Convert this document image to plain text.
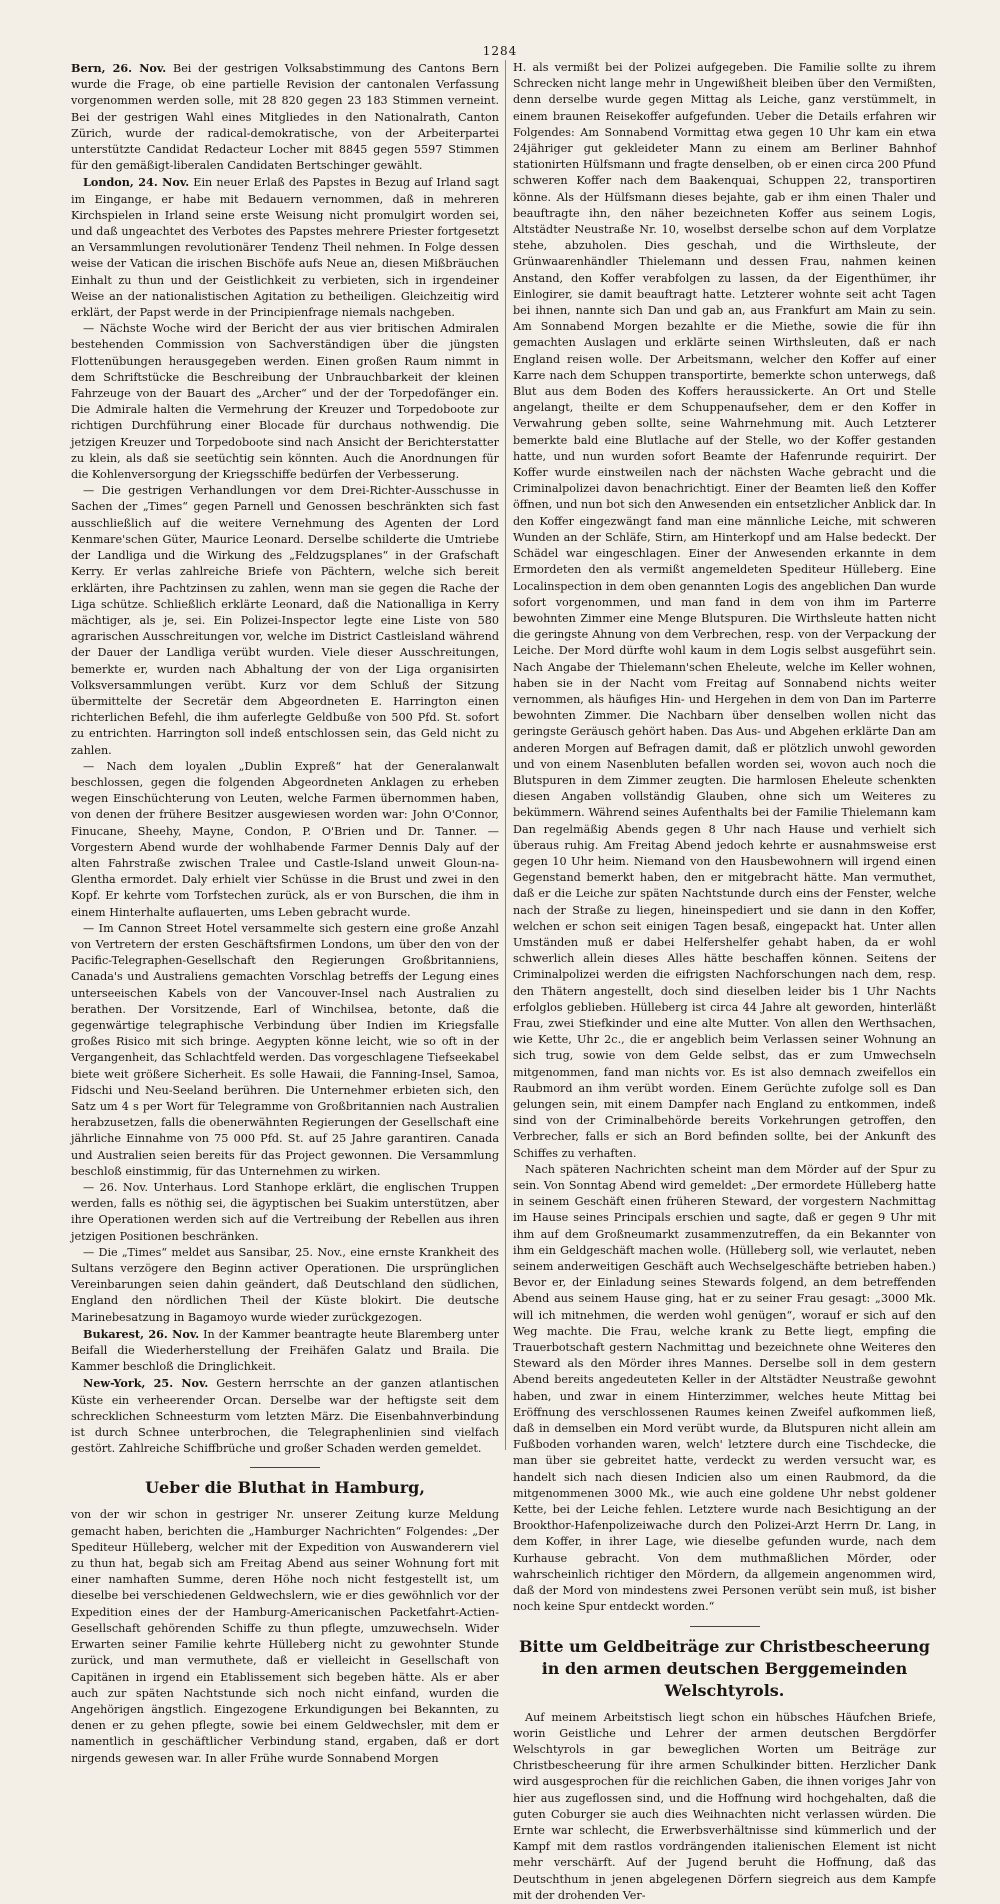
1284

Bern, 26. Nov. Bei der gestrigen Volksabstimmung des Cantons Bern wurde die Frage, ob eine partielle Revision der cantonalen Verfassung vorgenommen werden solle, mit 28 820 gegen 23 183 Stimmen verneint. Bei der gestrigen Wahl eines Mitgliedes in den Nationalrath, Canton Zürich, wurde der radical-demokratische, von der Arbeiterpartei unterstützte Candidat Redacteur Locher mit 8845 gegen 5597 Stimmen für den gemäßigt-liberalen Candidaten Bertschinger gewählt.

London, 24. Nov. Ein neuer Erlaß des Papstes in Bezug auf Irland sagt im Eingange, er habe mit Bedauern vernommen, daß in mehreren Kirchspielen in Irland seine erste Weisung nicht promulgirt worden sei, und daß ungeachtet des Verbotes des Papstes mehrere Priester fortgesetzt an Versammlungen revolutionärer Tendenz Theil nehmen. In Folge dessen weise der Vatican die irischen Bischöfe aufs Neue an, diesen Mißbräuchen Einhalt zu thun und der Geistlichkeit zu verbieten, sich in irgendeiner Weise an der nationalistischen Agitation zu betheiligen. Gleichzeitig wird erklärt, der Papst werde in der Principienfrage niemals nachgeben.

— Nächste Woche wird der Bericht der aus vier britischen Admiralen bestehenden Commission von Sachverständigen über die jüngsten Flottenübungen herausgegeben werden. Einen großen Raum nimmt in dem Schriftstücke die Beschreibung der Unbrauchbarkeit der kleinen Fahrzeuge von der Bauart des „Archer“ und der der Torpedofänger ein. Die Admirale halten die Vermehrung der Kreuzer und Torpedoboote zur richtigen Durchführung einer Blocade für durchaus nothwendig. Die jetzigen Kreuzer und Torpedoboote sind nach Ansicht der Berichterstatter zu klein, als daß sie seetüchtig sein könnten. Auch die Anordnungen für die Kohlenversorgung der Kriegsschiffe bedürfen der Verbesserung.

— Die gestrigen Verhandlungen vor dem Drei-Richter-Ausschusse in Sachen der „Times“ gegen Parnell und Genossen beschränkten sich fast ausschließlich auf die weitere Vernehmung des Agenten der Lord Kenmare'schen Güter, Maurice Leonard. Derselbe schilderte die Umtriebe der Landliga und die Wirkung des „Feldzugsplanes“ in der Grafschaft Kerry. Er verlas zahlreiche Briefe von Pächtern, welche sich bereit erklärten, ihre Pachtzinsen zu zahlen, wenn man sie gegen die Rache der Liga schütze. Schließlich erklärte Leonard, daß die Nationalliga in Kerry mächtiger, als je, sei. Ein Polizei-Inspector legte eine Liste von 580 agrarischen Ausschreitungen vor, welche im District Castleisland während der Dauer der Landliga verübt wurden. Viele dieser Ausschreitungen, bemerkte er, wurden nach Abhaltung der von der Liga organisirten Volksversammlungen verübt. Kurz vor dem Schluß der Sitzung übermittelte der Secretär dem Abgeordneten E. Harrington einen richterlichen Befehl, die ihm auferlegte Geldbuße von 500 Pfd. St. sofort zu entrichten. Harrington soll indeß entschlossen sein, das Geld nicht zu zahlen.

— Nach dem loyalen „Dublin Expreß“ hat der Generalanwalt beschlossen, gegen die folgenden Abgeordneten Anklagen zu erheben wegen Einschüchterung von Leuten, welche Farmen übernommen haben, von denen der frühere Besitzer ausgewiesen worden war: John O'Connor, Finucane, Sheehy, Mayne, Condon, P. O'Brien und Dr. Tanner. — Vorgestern Abend wurde der wohlhabende Farmer Dennis Daly auf der alten Fahrstraße zwischen Tralee und Castle-Island unweit Gloun-na-Glentha ermordet. Daly erhielt vier Schüsse in die Brust und zwei in den Kopf. Er kehrte vom Torfstechen zurück, als er von Burschen, die ihm in einem Hinterhalte auflauerten, ums Leben gebracht wurde.

— Im Cannon Street Hotel versammelte sich gestern eine große Anzahl von Vertretern der ersten Geschäftsfirmen Londons, um über den von der Pacific-Telegraphen-Gesellschaft den Regierungen Großbritanniens, Canada's und Australiens gemachten Vorschlag betreffs der Legung eines unterseeischen Kabels von der Vancouver-Insel nach Australien zu berathen. Der Vorsitzende, Earl of Winchilsea, betonte, daß die gegenwärtige telegraphische Verbindung über Indien im Kriegsfalle großes Risico mit sich bringe. Aegypten könne leicht, wie so oft in der Vergangenheit, das Schlachtfeld werden. Das vorgeschlagene Tiefseekabel biete weit größere Sicherheit. Es solle Hawaii, die Fanning-Insel, Samoa, Fidschi und Neu-Seeland berühren. Die Unternehmer erbieten sich, den Satz um 4 s per Wort für Telegramme von Großbritannien nach Australien herabzusetzen, falls die obenerwähnten Regierungen der Gesellschaft eine jährliche Einnahme von 75 000 Pfd. St. auf 25 Jahre garantiren. Canada und Australien seien bereits für das Project gewonnen. Die Versammlung beschloß einstimmig, für das Unternehmen zu wirken.

— 26. Nov. Unterhaus. Lord Stanhope erklärt, die englischen Truppen werden, falls es nöthig sei, die ägyptischen bei Suakim unterstützen, aber ihre Operationen werden sich auf die Vertreibung der Rebellen aus ihren jetzigen Positionen beschränken.

— Die „Times“ meldet aus Sansibar, 25. Nov., eine ernste Krankheit des Sultans verzögere den Beginn activer Operationen. Die ursprünglichen Vereinbarungen seien dahin geändert, daß Deutschland den südlichen, England den nördlichen Theil der Küste blokirt. Die deutsche Marinebesatzung in Bagamoyo wurde wieder zurückgezogen.

Bukarest, 26. Nov. In der Kammer beantragte heute Blaremberg unter Beifall die Wiederherstellung der Freihäfen Galatz und Braila. Die Kammer beschloß die Dringlichkeit.

New-York, 25. Nov. Gestern herrschte an der ganzen atlantischen Küste ein verheerender Orcan. Derselbe war der heftigste seit dem schrecklichen Schneesturm vom letzten März. Die Eisenbahnverbindung ist durch Schnee unterbrochen, die Telegraphenlinien sind vielfach gestört. Zahlreiche Schiffbrüche und großer Schaden werden gemeldet.

Ueber die Bluthat in Hamburg,

von der wir schon in gestriger Nr. unserer Zeitung kurze Meldung gemacht haben, berichten die „Hamburger Nachrichten“ Folgendes: „Der Spediteur Hülleberg, welcher mit der Expedition von Auswanderern viel zu thun hat, begab sich am Freitag Abend aus seiner Wohnung fort mit einer namhaften Summe, deren Höhe noch nicht festgestellt ist, um dieselbe bei verschiedenen Geldwechslern, wie er dies gewöhnlich vor der Expedition eines der der Hamburg-Americanischen Packetfahrt-Actien-Gesellschaft gehörenden Schiffe zu thun pflegte, umzuwechseln. Wider Erwarten seiner Familie kehrte Hülleberg nicht zu gewohnter Stunde zurück, und man vermuthete, daß er vielleicht in Gesellschaft von Capitänen in irgend ein Etablissement sich begeben hätte. Als er aber auch zur späten Nachtstunde sich noch nicht einfand, wurden die Angehörigen ängstlich. Eingezogene Erkundigungen bei Bekannten, zu denen er zu gehen pflegte, sowie bei einem Geldwechsler, mit dem er namentlich in geschäftlicher Verbindung stand, ergaben, daß er dort nirgends gewesen war. In aller Frühe wurde Sonnabend Morgen

H. als vermißt bei der Polizei aufgegeben. Die Familie sollte zu ihrem Schrecken nicht lange mehr in Ungewißheit bleiben über den Vermißten, denn derselbe wurde gegen Mittag als Leiche, ganz verstümmelt, in einem braunen Reisekoffer aufgefunden. Ueber die Details erfahren wir Folgendes: Am Sonnabend Vormittag etwa gegen 10 Uhr kam ein etwa 24jähriger gut gekleideter Mann zu einem am Berliner Bahnhof stationirten Hülfsmann und fragte denselben, ob er einen circa 200 Pfund schweren Koffer nach dem Baakenquai, Schuppen 22, transportiren könne. Als der Hülfsmann dieses bejahte, gab er ihm einen Thaler und beauftragte ihn, den näher bezeichneten Koffer aus seinem Logis, Altstädter Neustraße Nr. 10, woselbst derselbe schon auf dem Vorplatze stehe, abzuholen. Dies geschah, und die Wirthsleute, der Grünwaarenhändler Thielemann und dessen Frau, nahmen keinen Anstand, den Koffer verabfolgen zu lassen, da der Eigenthümer, ihr Einlogirer, sie damit beauftragt hatte. Letzterer wohnte seit acht Tagen bei ihnen, nannte sich Dan und gab an, aus Frankfurt am Main zu sein. Am Sonnabend Morgen bezahlte er die Miethe, sowie die für ihn gemachten Auslagen und erklärte seinen Wirthsleuten, daß er nach England reisen wolle. Der Arbeitsmann, welcher den Koffer auf einer Karre nach dem Schuppen transportirte, bemerkte schon unterwegs, daß Blut aus dem Boden des Koffers heraussickerte. An Ort und Stelle angelangt, theilte er dem Schuppenaufseher, dem er den Koffer in Verwahrung geben sollte, seine Wahrnehmung mit. Auch Letzterer bemerkte bald eine Blutlache auf der Stelle, wo der Koffer gestanden hatte, und nun wurden sofort Beamte der Hafenrunde requirirt. Der Koffer wurde einstweilen nach der nächsten Wache gebracht und die Criminalpolizei davon benachrichtigt. Einer der Beamten ließ den Koffer öffnen, und nun bot sich den Anwesenden ein entsetzlicher Anblick dar. In den Koffer eingezwängt fand man eine männliche Leiche, mit schweren Wunden an der Schläfe, Stirn, am Hinterkopf und am Halse bedeckt. Der Schädel war eingeschlagen. Einer der Anwesenden erkannte in dem Ermordeten den als vermißt angemeldeten Spediteur Hülleberg. Eine Localinspection in dem oben genannten Logis des angeblichen Dan wurde sofort vorgenommen, und man fand in dem von ihm im Parterre bewohnten Zimmer eine Menge Blutspuren. Die Wirthsleute hatten nicht die geringste Ahnung von dem Verbrechen, resp. von der Verpackung der Leiche. Der Mord dürfte wohl kaum in dem Logis selbst ausgeführt sein. Nach Angabe der Thielemann'schen Eheleute, welche im Keller wohnen, haben sie in der Nacht vom Freitag auf Sonnabend nichts weiter vernommen, als häufiges Hin- und Hergehen in dem von Dan im Parterre bewohnten Zimmer. Die Nachbarn über denselben wollen nicht das geringste Geräusch gehört haben. Das Aus- und Abgehen erklärte Dan am anderen Morgen auf Befragen damit, daß er plötzlich unwohl geworden und von einem Nasenbluten befallen worden sei, wovon auch noch die Blutspuren in dem Zimmer zeugten. Die harmlosen Eheleute schenkten diesen Angaben vollständig Glauben, ohne sich um Weiteres zu bekümmern. Während seines Aufenthalts bei der Familie Thielemann kam Dan regelmäßig Abends gegen 8 Uhr nach Hause und verhielt sich überaus ruhig. Am Freitag Abend jedoch kehrte er ausnahmsweise erst gegen 10 Uhr heim. Niemand von den Hausbewohnern will irgend einen Gegenstand bemerkt haben, den er mitgebracht hätte. Man vermuthet, daß er die Leiche zur späten Nachtstunde durch eins der Fenster, welche nach der Straße zu liegen, hineinspediert und sie dann in den Koffer, welchen er schon seit einigen Tagen besaß, eingepackt hat. Unter allen Umständen muß er dabei Helfershelfer gehabt haben, da er wohl schwerlich allein dieses Alles hätte beschaffen können. Seitens der Criminalpolizei werden die eifrigsten Nachforschungen nach dem, resp. den Thätern angestellt, doch sind dieselben leider bis 1 Uhr Nachts erfolglos geblieben. Hülleberg ist circa 44 Jahre alt geworden, hinterläßt Frau, zwei Stiefkinder und eine alte Mutter. Von allen den Werthsachen, wie Kette, Uhr 2c., die er angeblich beim Verlassen seiner Wohnung an sich trug, sowie von dem Gelde selbst, das er zum Umwechseln mitgenommen, fand man nichts vor. Es ist also demnach zweifellos ein Raubmord an ihm verübt worden. Einem Gerüchte zufolge soll es Dan gelungen sein, mit einem Dampfer nach England zu entkommen, indeß sind von der Criminalbehörde bereits Vorkehrungen getroffen, den Verbrecher, falls er sich an Bord befinden sollte, bei der Ankunft des Schiffes zu verhaften.

Nach späteren Nachrichten scheint man dem Mörder auf der Spur zu sein. Von Sonntag Abend wird gemeldet: „Der ermordete Hülleberg hatte in seinem Geschäft einen früheren Steward, der vorgestern Nachmittag im Hause seines Principals erschien und sagte, daß er gegen 9 Uhr mit ihm auf dem Großneumarkt zusammenzutreffen, da ein Bekannter von ihm ein Geldgeschäft machen wolle. (Hülleberg soll, wie verlautet, neben seinem anderweitigen Geschäft auch Wechselgeschäfte betrieben haben.) Bevor er, der Einladung seines Stewards folgend, an dem betreffenden Abend aus seinem Hause ging, hat er zu seiner Frau gesagt: „3000 Mk. will ich mitnehmen, die werden wohl genügen“, worauf er sich auf den Weg machte. Die Frau, welche krank zu Bette liegt, empfing die Trauerbotschaft gestern Nachmittag und bezeichnete ohne Weiteres den Steward als den Mörder ihres Mannes. Derselbe soll in dem gestern Abend bereits angedeuteten Keller in der Altstädter Neustraße gewohnt haben, und zwar in einem Hinterzimmer, welches heute Mittag bei Eröffnung des verschlossenen Raumes keinen Zweifel aufkommen ließ, daß in demselben ein Mord verübt wurde, da Blutspuren nicht allein am Fußboden vorhanden waren, welch' letztere durch eine Tischdecke, die man über sie gebreitet hatte, verdeckt zu werden versucht war, es handelt sich nach diesen Indicien also um einen Raubmord, da die mitgenommenen 3000 Mk., wie auch eine goldene Uhr nebst goldener Kette, bei der Leiche fehlen. Letztere wurde nach Besichtigung an der Brookthor-Hafenpolizeiwache durch den Polizei-Arzt Herrn Dr. Lang, in dem Koffer, in ihrer Lage, wie dieselbe gefunden wurde, nach dem Kurhause gebracht. Von dem muthmaßlichen Mörder, oder wahrscheinlich richtiger den Mördern, da allgemein angenommen wird, daß der Mord von mindestens zwei Personen verübt sein muß, ist bisher noch keine Spur entdeckt worden.“

Bitte um Geldbeiträge zur Christbescheerung in den armen deutschen Berggemeinden Welschtyrols.

Auf meinem Arbeitstisch liegt schon ein hübsches Häufchen Briefe, worin Geistliche und Lehrer der armen deutschen Bergdörfer Welschtyrols in gar beweglichen Worten um Beiträge zur Christbescheerung für ihre armen Schulkinder bitten. Herzlicher Dank wird ausgesprochen für die reichlichen Gaben, die ihnen voriges Jahr von hier aus zugeflossen sind, und die Hoffnung wird hochgehalten, daß die guten Coburger sie auch dies Weihnachten nicht verlassen würden. Die Ernte war schlecht, die Erwerbsverhältnisse sind kümmerlich und der Kampf mit dem rastlos vordrängenden italienischen Element ist nicht mehr verschärft. Auf der Jugend beruht die Hoffnung, daß das Deutschthum in jenen abgelegenen Dörfern siegreich aus dem Kampfe mit der drohenden Ver-
